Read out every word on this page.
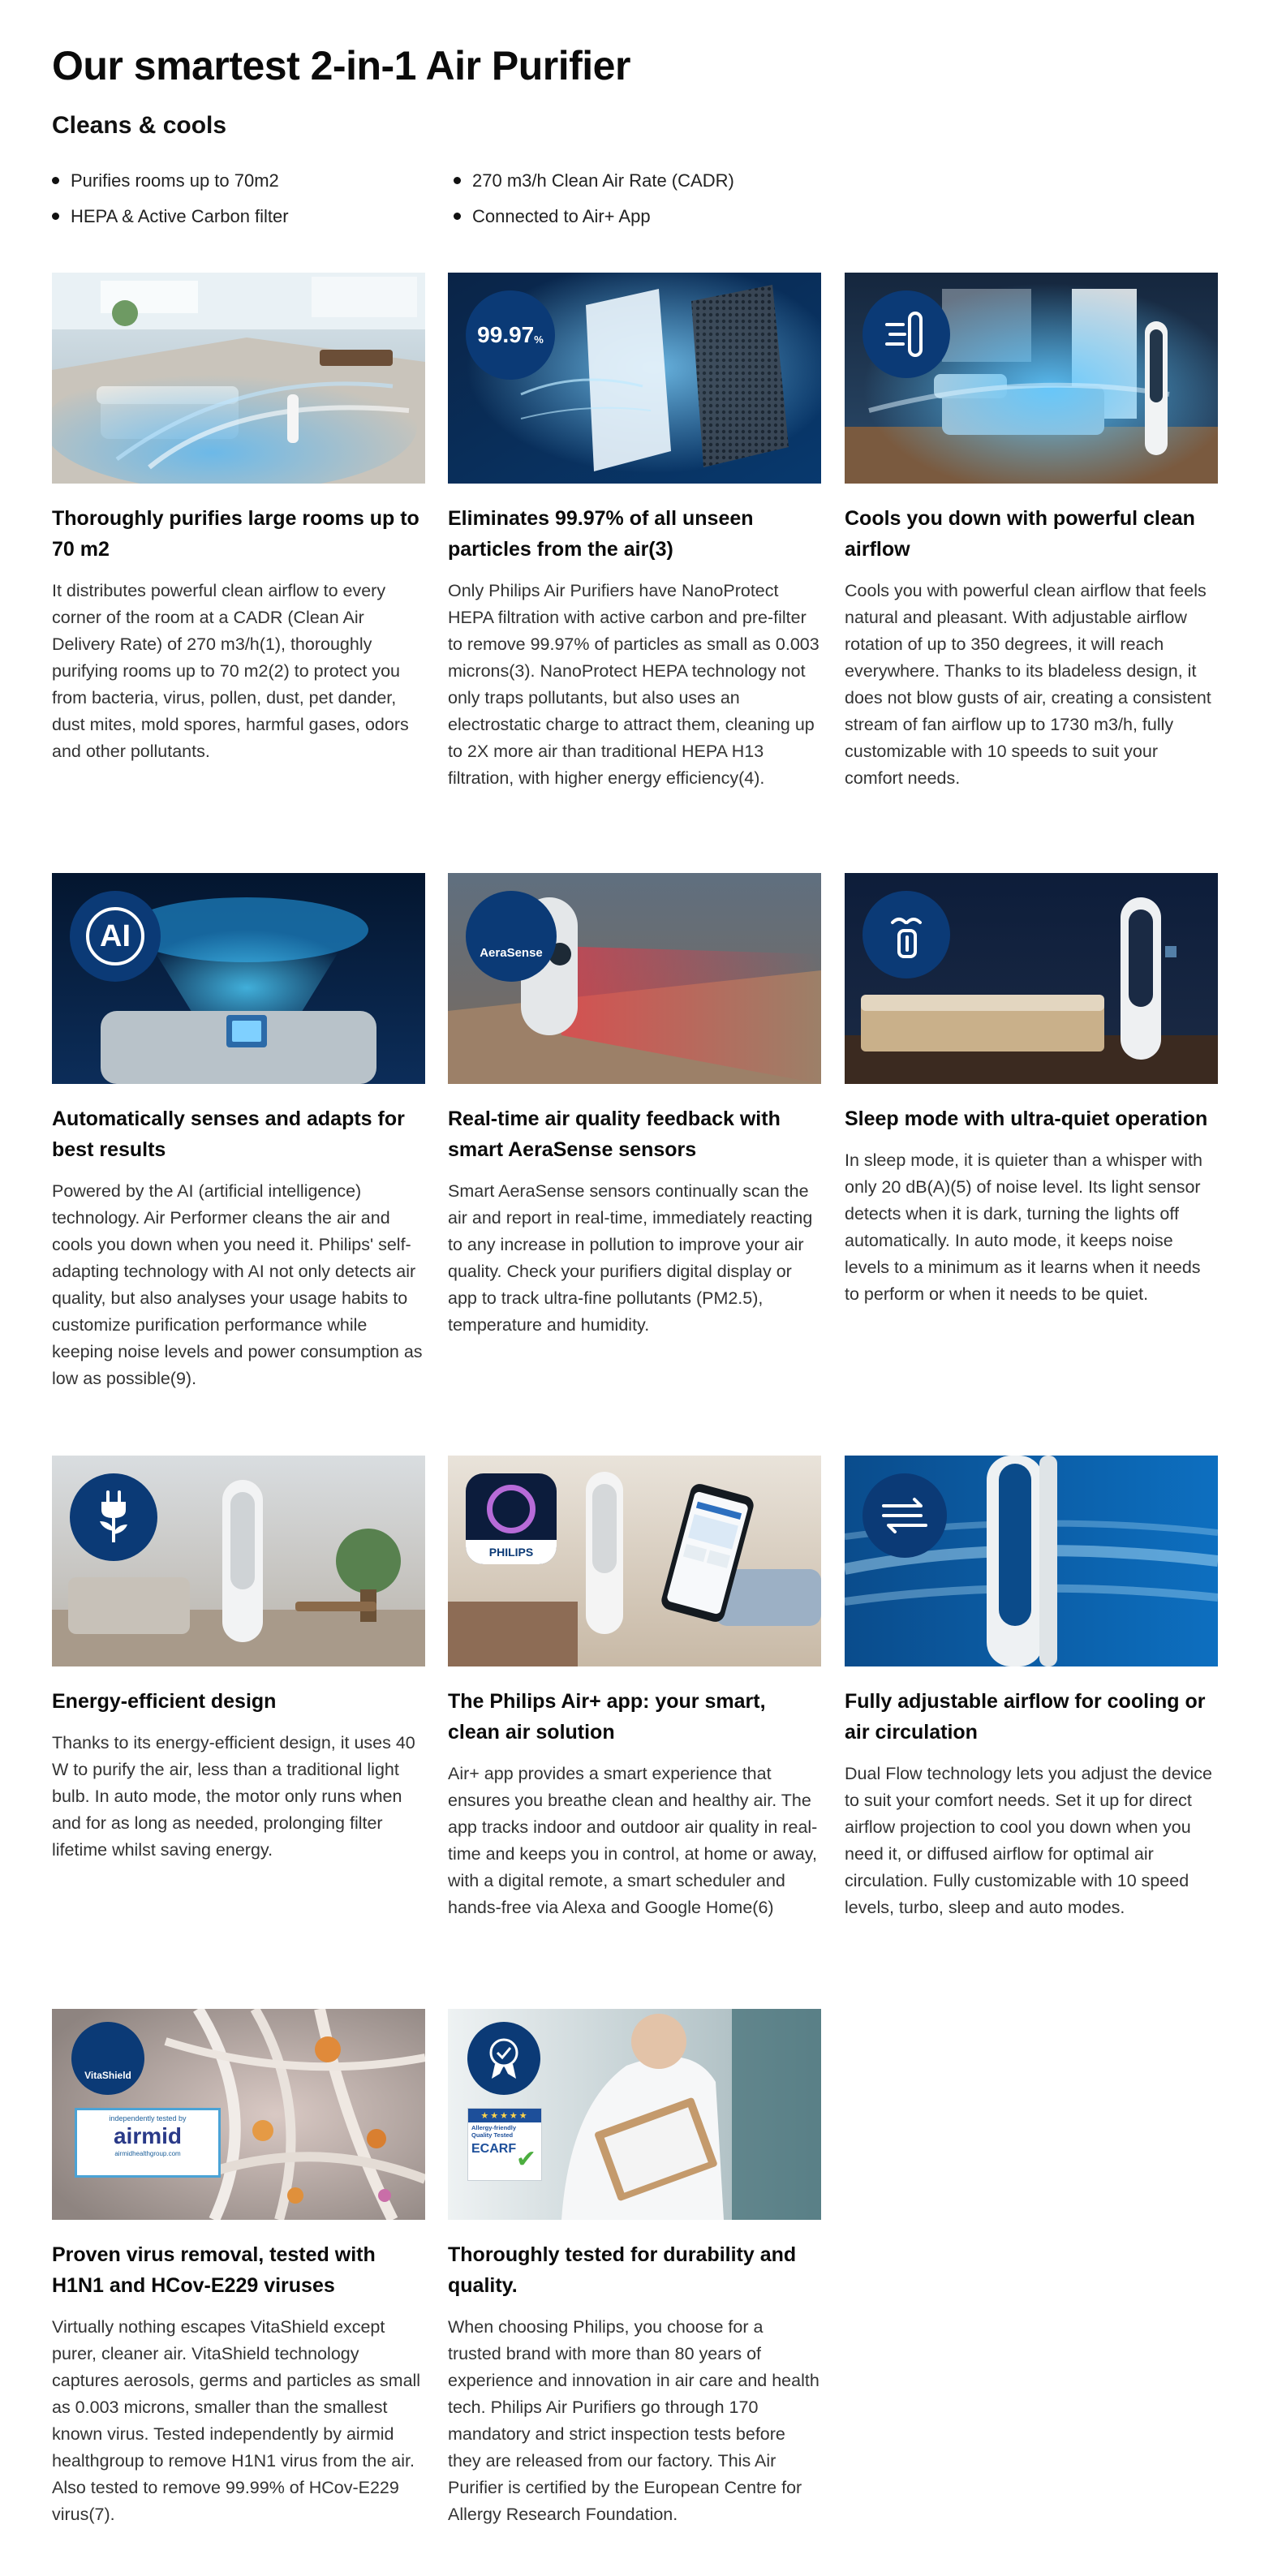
Our smartest 2-in-1 Air Purifier
Cleans & cools
Purifies rooms up to 70m2	270 m3/h Clean Air Rate (CADR)
HEPA & Active Carbon filter	Connected to Air+ App
Thoroughly purifies large rooms up to 70 m2
It distributes powerful clean airflow to every corner of the room at a CADR (Clean Air Delivery Rate) of 270 m3/h(1), thoroughly purifying rooms up to 70 m2(2) to protect you from bacteria, virus, pollen, dust, pet dander, dust mites, mold spores, harmful gases, odors and other pollutants.
99.97 %
Eliminates 99.97% of all unseen particles from the air(3)
Only Philips Air Purifiers have NanoProtect HEPA filtration with active carbon and pre-filter to remove 99.97% of particles as small as 0.003 microns(3). NanoProtect HEPA technology not only traps pollutants, but also uses an electrostatic charge to attract them, cleaning up to 2X more air than traditional HEPA H13 filtration, with higher energy efficiency(4).
Cools you down with powerful clean airflow
Cools you with powerful clean airflow that feels natural and pleasant. With adjustable airflow rotation of up to 350 degrees, it will reach everywhere. Thanks to its bladeless design, it does not blow gusts of air, creating a consistent stream of fan airflow up to 1730 m3/h, fully customizable with 10 speeds to suit your comfort needs.
AI
Automatically senses and adapts for best results
Powered by the AI (artificial intelligence) technology. Air Performer cleans the air and cools you down when you need it. Philips' self-adapting technology with AI not only detects air quality, but also analyses your usage habits to customize purification performance while keeping noise levels and power consumption as low as possible(9).
AeraSense
Real-time air quality feedback with smart AeraSense sensors
Smart AeraSense sensors continually scan the air and report in real-time, immediately reacting to any increase in pollution to improve your air quality. Check your purifiers digital display or app to track ultra-fine pollutants (PM2.5), temperature and humidity.
Sleep mode with ultra-quiet operation
In sleep mode, it is quieter than a whisper with only 20 dB(A)(5) of noise level. Its light sensor detects when it is dark, turning the lights off automatically. In auto mode, it keeps noise levels to a minimum as it learns when it needs to perform or when it needs to be quiet.
Energy-efficient design
Thanks to its energy-efficient design, it uses 40 W to purify the air, less than a traditional light bulb. In auto mode, the motor only runs when and for as long as needed, prolonging filter lifetime whilst saving energy.
PHILIPS
The Philips Air+ app: your smart, clean air solution
Air+ app provides a smart experience that ensures you breathe clean and healthy air. The app tracks indoor and outdoor air quality in real-time and keeps you in control, at home or away, with a digital remote, a smart scheduler and hands-free via Alexa and Google Home(6)
Fully adjustable airflow for cooling or air circulation
Dual Flow technology lets you adjust the device to suit your comfort needs. Set it up for direct airflow projection to cool you down when you need it, or diffused airflow for optimal air circulation. Fully customizable with 10 speed levels, turbo, sleep and auto modes.
VitaShield
independently tested by
airmid
airmidhealthgroup.com
Proven virus removal, tested with H1N1 and HCov-E229 viruses
Virtually nothing escapes VitaShield except purer, cleaner air. VitaShield technology captures aerosols, germs and particles as small as 0.003 microns, smaller than the smallest known virus. Tested independently by airmid healthgroup to remove H1N1 virus from the air. Also tested to remove 99.99% of HCov-E229 virus(7).
★★★★★
Allergy-friendly
Quality Tested
ECARF ✔
Thoroughly tested for durability and quality.
When choosing Philips, you choose for a trusted brand with more than 80 years of experience and innovation in air care and health tech. Philips Air Purifiers go through 170 mandatory and strict inspection tests before they are released from our factory. This Air Purifier is certified by the European Centre for Allergy Research Foundation.
